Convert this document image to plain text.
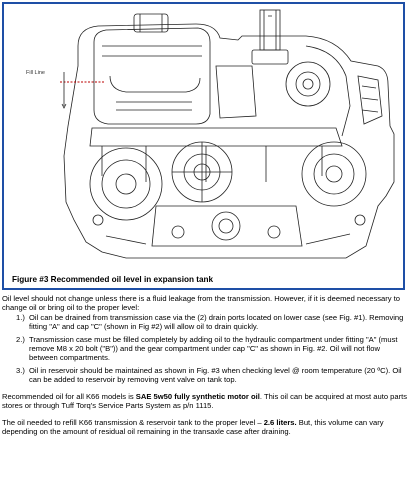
Fill Line
Figure #3 Recommended oil level in expansion tank

Oil level should not change unless there is a fluid leakage from the transmission. However, if it is deemed necessary to change oil or bring oil to the proper level:

1.) Oil can be drained from transmission case via the (2) drain ports located on lower case (see Fig. #1). Removing fitting "A" and cap "C" (shown in Fig #2) will allow oil to drain quickly.
2.) Transmission case must be filled completely by adding oil to the hydraulic compartment under fitting "A" (must remove M8 x 20 bolt ("B")) and the gear compartment under cap "C" as shown in Fig. #2. Oil will not flow between compartments.
3.) Oil in reservoir should be maintained as shown in Fig. #3 when checking level @ room temperature (20 ºC). Oil can be added to reservoir by removing vent valve on tank top.

Recommended oil for all K66 models is SAE 5w50 fully synthetic motor oil. This oil can be acquired at most auto parts stores or through Tuff Torq's Service Parts System as p/n 1115.

The oil needed to refill K66 transmission & reservoir tank to the proper level – 2.6 liters. But, this volume can vary depending on the amount of residual oil remaining in the transaxle case after draining.
